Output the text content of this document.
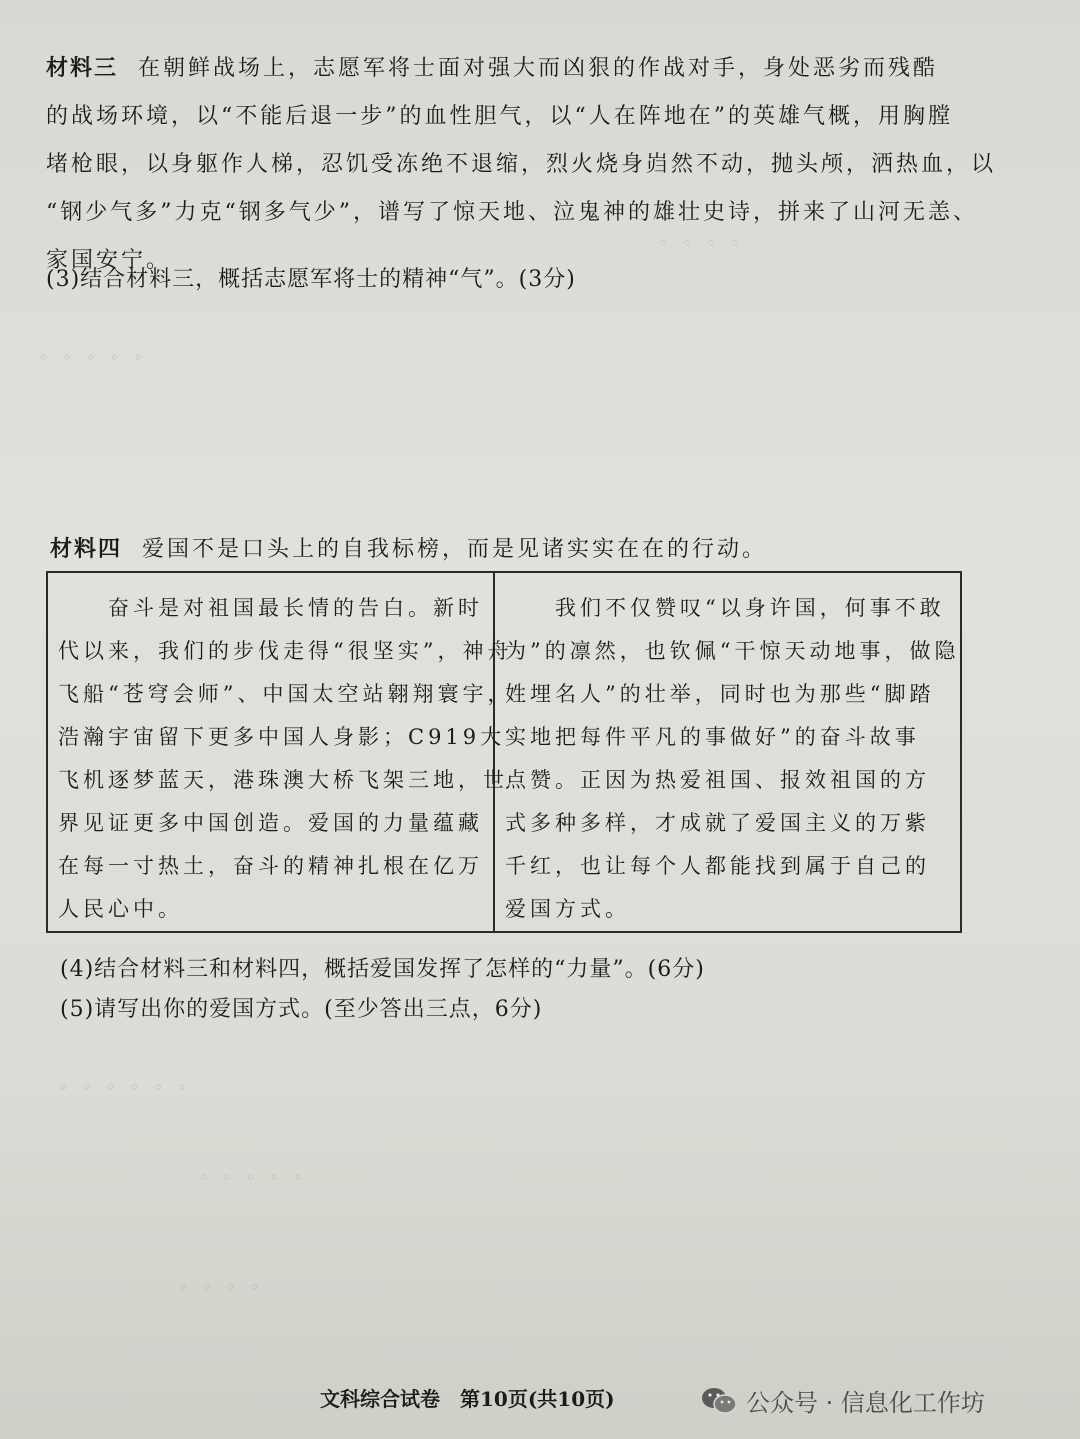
。 。 。 。
。 。 。 。 。
。 。 。 。 。 。
。 。 。 。 。
。 。 。 。
材料三 在朝鲜战场上，志愿军将士面对强大而凶狠的作战对手，身处恶劣而残酷
的战场环境，以“不能后退一步”的血性胆气，以“人在阵地在”的英雄气概，用胸膛
堵枪眼，以身躯作人梯，忍饥受冻绝不退缩，烈火烧身岿然不动，抛头颅，洒热血，以
“钢少气多”力克“钢多气少”，谱写了惊天地、泣鬼神的雄壮史诗，拼来了山河无恙、
家国安宁。
(3)结合材料三，概括志愿军将士的精神“气”。(3分)
材料四 爱国不是口头上的自我标榜，而是见诸实实在在的行动。
　　奋斗是对祖国最长情的告白。新时
代以来，我们的步伐走得“很坚实”，神舟
飞船“苍穹会师”、中国太空站翱翔寰宇，
浩瀚宇宙留下更多中国人身影；C919大
飞机逐梦蓝天，港珠澳大桥飞架三地，世
界见证更多中国创造。爱国的力量蕴藏
在每一寸热土，奋斗的精神扎根在亿万
人民心中。
　　我们不仅赞叹“以身许国，何事不敢
为”的凛然，也钦佩“干惊天动地事，做隐
姓埋名人”的壮举，同时也为那些“脚踏
实地把每件平凡的事做好”的奋斗故事
点赞。正因为热爱祖国、报效祖国的方
式多种多样，才成就了爱国主义的万紫
千红，也让每个人都能找到属于自己的
爱国方式。
(4)结合材料三和材料四，概括爱国发挥了怎样的“力量”。(6分)
(5)请写出你的爱国方式。(至少答出三点，6分)
文科综合试卷　第10页(共10页)	公众号 · 信息化工作坊
